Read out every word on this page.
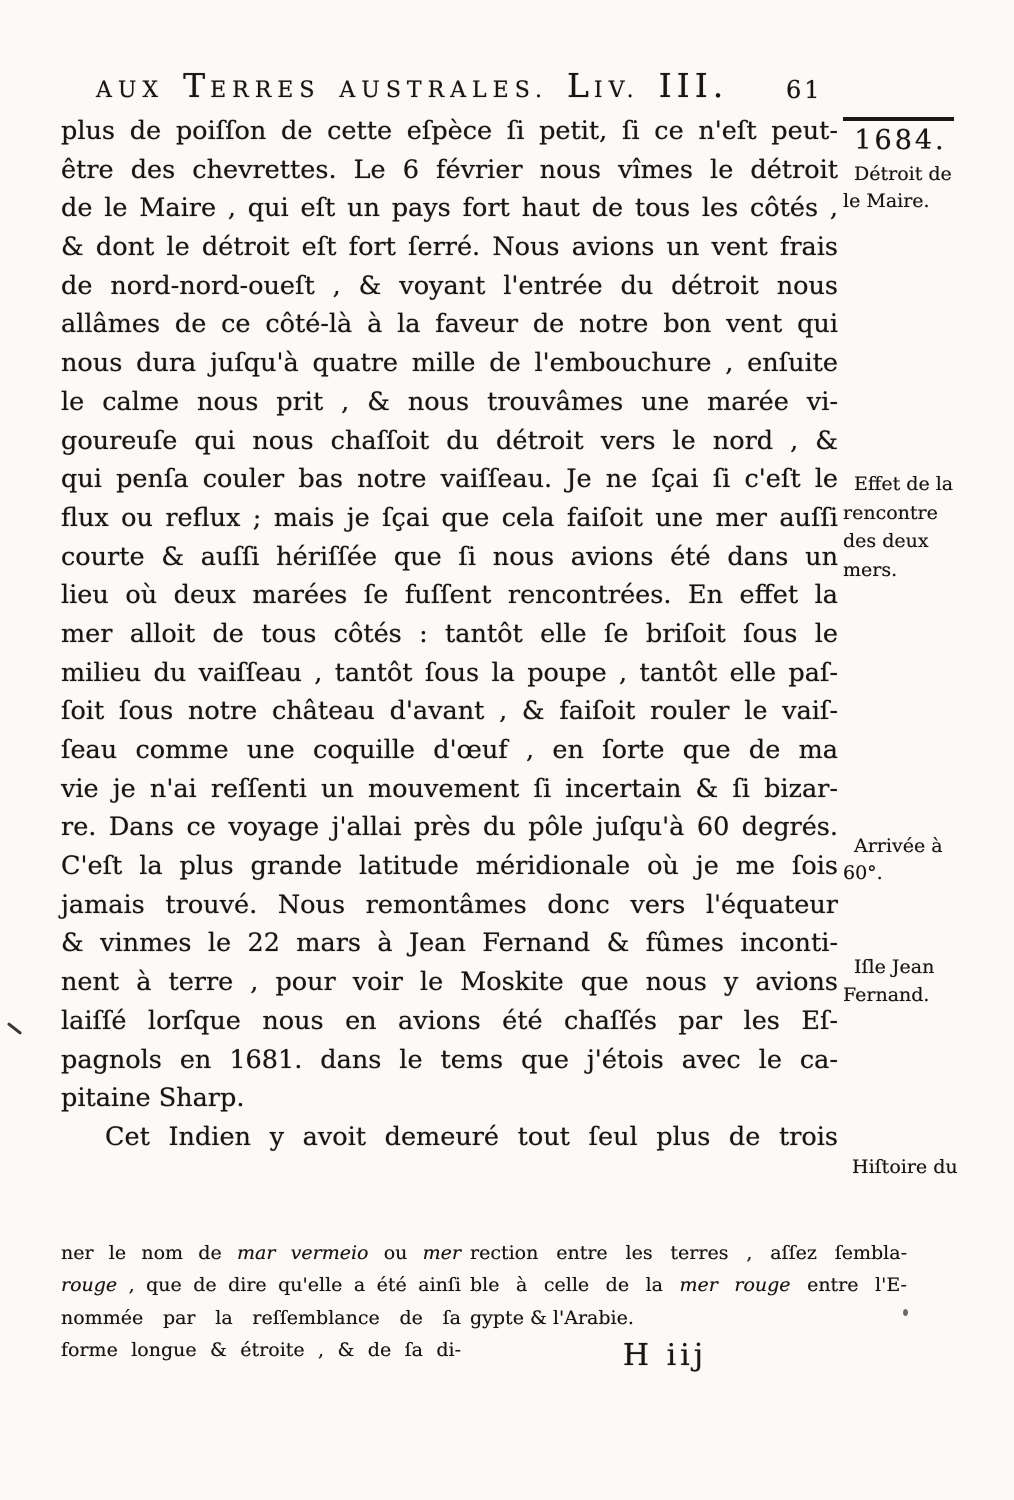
AUX TERRES AUSTRALES. LIV. III.	61
plus de poiſſon de cette eſpèce ſi petit, ſi ce n'eſt peut-
être des chevrettes. Le 6 février nous vîmes le détroit
de le Maire , qui eſt un pays fort haut de tous les côtés ,
& dont le détroit eſt fort ſerré. Nous avions un vent frais
de nord-nord-oueſt , & voyant l'entrée du détroit nous
allâmes de ce côté-là à la faveur de notre bon vent qui
nous dura juſqu'à quatre mille de l'embouchure , enſuite
le calme nous prit , & nous trouvâmes une marée vi-
goureuſe qui nous chaſſoit du détroit vers le nord , &
qui penſa couler bas notre vaiſſeau. Je ne ſçai ſi c'eſt le
flux ou reflux ; mais je ſçai que cela faiſoit une mer auſſi
courte & auſſi hériſſée que ſi nous avions été dans un
lieu où deux marées ſe fuſſent rencontrées. En effet la
mer alloit de tous côtés : tantôt elle ſe briſoit ſous le
milieu du vaiſſeau , tantôt ſous la poupe , tantôt elle paſ-
ſoit ſous notre château d'avant , & faiſoit rouler le vaiſ-
ſeau comme une coquille d'œuf , en ſorte que de ma
vie je n'ai reſſenti un mouvement ſi incertain & ſi bizar-
re. Dans ce voyage j'allai près du pôle juſqu'à 60 degrés.
C'eſt la plus grande latitude méridionale où je me ſois
jamais trouvé. Nous remontâmes donc vers l'équateur
& vinmes le 22 mars à Jean Fernand & fûmes inconti-
nent à terre , pour voir le Moskite que nous y avions
laiſſé lorſque nous en avions été chaſſés par les Eſ-
pagnols en 1681. dans le tems que j'étois avec le ca-
pitaine Sharp.
Cet Indien y avoit demeuré tout ſeul plus de trois
1684.
Détroit de
le Maire.
Effet de la
rencontre
des deux
mers.
Arrivée à
60°.
Iſle Jean
Fernand.
Hiſtoire du
ner le nom de mar vermeio ou mer
rouge , que de dire qu'elle a été ainſi
nommée par la reſſemblance de ſa
forme longue & étroite , & de ſa di-
rection entre les terres , aſſez ſembla-
ble à celle de la mer rouge entre l'E-
gypte & l'Arabie.
H iij
